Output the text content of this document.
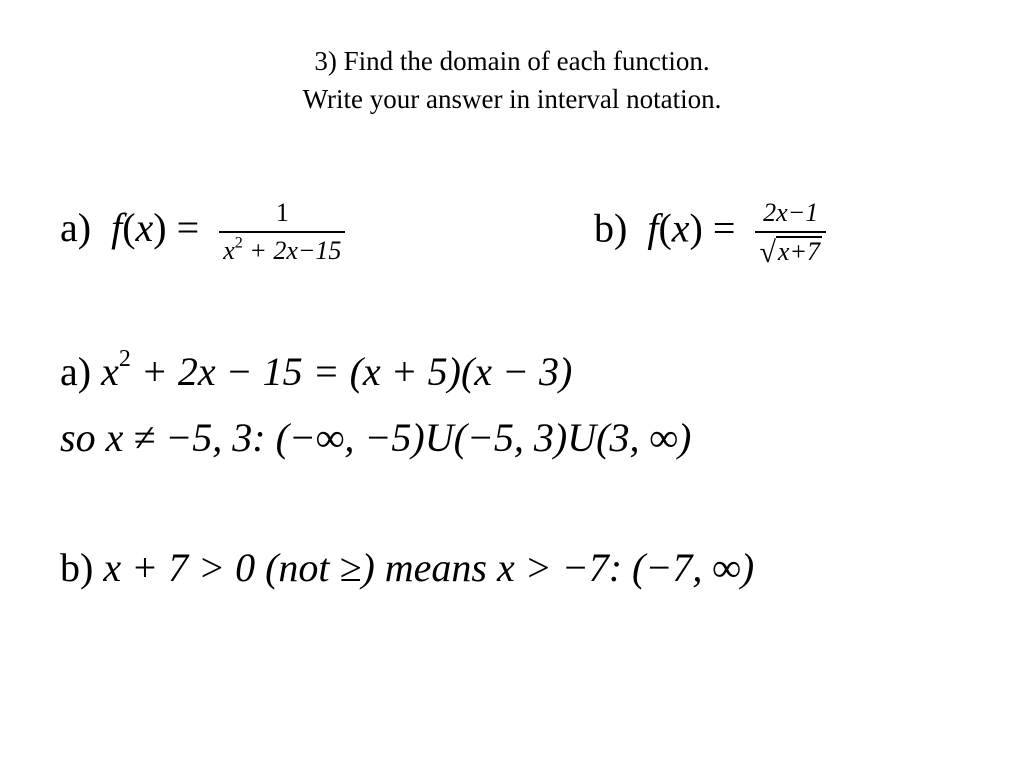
3) Find the domain of each function.
Write your answer in interval notation.
a) $f(x) = \frac{1}{x^2 + 2x-15}$	b) $f(x) = \frac{2x-1}{√x+7}$
a) $x^2 + 2x - 15 = (x + 5)(x - 3)$
so x ≠ −5, 3: (−∞, −5)U(−5, 3)U(3, ∞)
b) x + 7 > 0 (not ≥) means x > −7: (−7, ∞)
